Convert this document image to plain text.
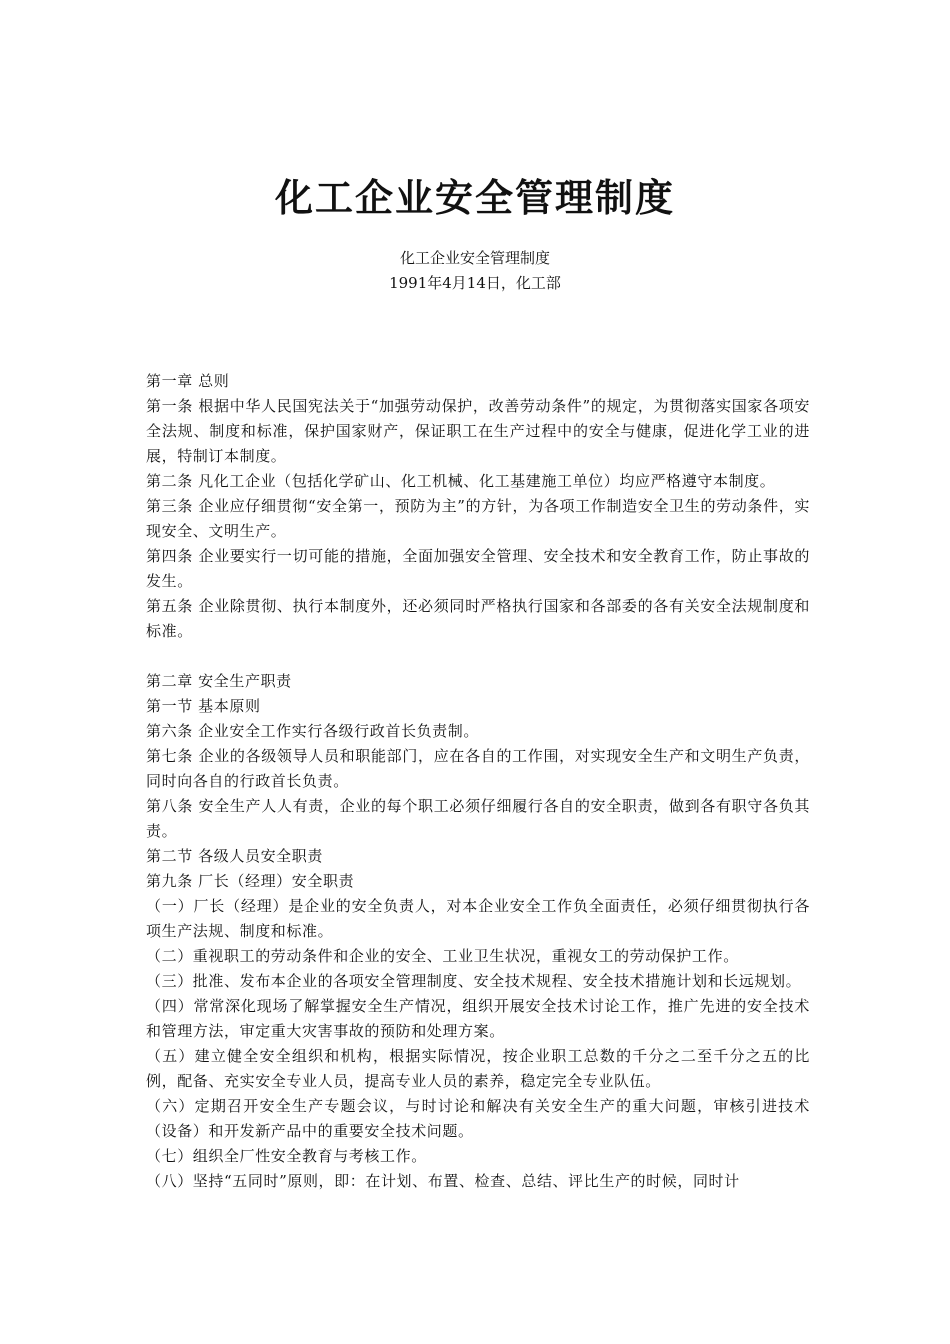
化工企业安全管理制度
化工企业安全管理制度
1991年4月14日，化工部

第一章 总则

第一条 根据中华人民国宪法关于“加强劳动保护，改善劳动条件”的规定，为贯彻落实国家各项安全法规、制度和标准，保护国家财产，保证职工在生产过程中的安全与健康，促进化学工业的进展，特制订本制度。

第二条 凡化工企业（包括化学矿山、化工机械、化工基建施工单位）均应严格遵守本制度。

第三条 企业应仔细贯彻“安全第一，预防为主”的方针，为各项工作制造安全卫生的劳动条件，实现安全、文明生产。

第四条 企业要实行一切可能的措施，全面加强安全管理、安全技术和安全教育工作，防止事故的发生。

第五条 企业除贯彻、执行本制度外，还必须同时严格执行国家和各部委的各有关安全法规制度和标准。

第二章 安全生产职责

第一节 基本原则

第六条 企业安全工作实行各级行政首长负责制。

第七条 企业的各级领导人员和职能部门，应在各自的工作围，对实现安全生产和文明生产负责，同时向各自的行政首长负责。

第八条 安全生产人人有责，企业的每个职工必须仔细履行各自的安全职责，做到各有职守各负其责。

第二节 各级人员安全职责

第九条 厂长（经理）安全职责

（一）厂长（经理）是企业的安全负责人，对本企业安全工作负全面责任，必须仔细贯彻执行各项生产法规、制度和标准。

（二）重视职工的劳动条件和企业的安全、工业卫生状况，重视女工的劳动保护工作。

（三）批准、发布本企业的各项安全管理制度、安全技术规程、安全技术措施计划和长远规划。

（四）常常深化现场了解掌握安全生产情况，组织开展安全技术讨论工作，推广先进的安全技术和管理方法，审定重大灾害事故的预防和处理方案。

（五）建立健全安全组织和机构，根据实际情况，按企业职工总数的千分之二至千分之五的比例，配备、充实安全专业人员，提高专业人员的素养，稳定完全专业队伍。

（六）定期召开安全生产专题会议，与时讨论和解决有关安全生产的重大问题，审核引进技术（设备）和开发新产品中的重要安全技术问题。

（七）组织全厂性安全教育与考核工作。

（八）坚持“五同时”原则，即：在计划、布置、检查、总结、评比生产的时候，同时计
